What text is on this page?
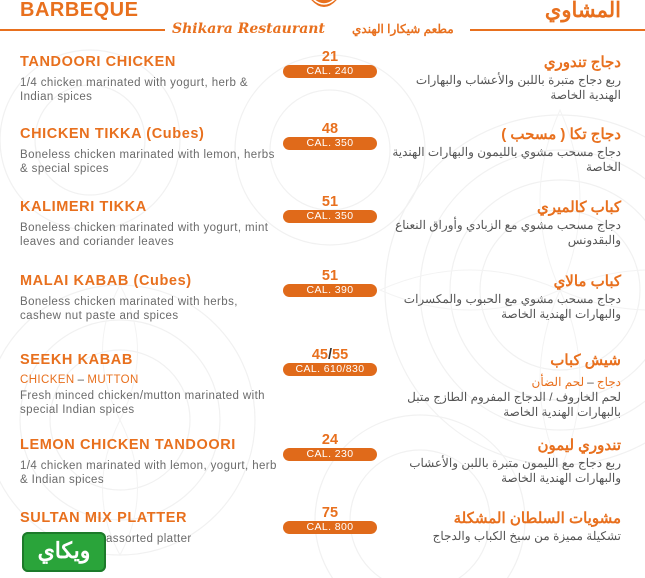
BARBEQUE
Shikara Restaurant مطعم شيكارا الهندي
المشاوي
TANDOORI CHICKEN
1/4 chicken marinated with yogurt, herb & Indian spices
21
CAL. 240	دجاج تندوري
ربع دجاج متبرة باللبن والأعشاب والبهارات الهندية الخاصة
CHICKEN TIKKA (Cubes)
Boneless chicken marinated with lemon, herbs & special spices
48
CAL. 350	دجاج تكا ( مسحب )
دجاج مسحب مشوي بالليمون والبهارات الهندية الخاصة
KALIMERI TIKKA
Boneless chicken marinated with yogurt, mint leaves and coriander leaves
51
CAL. 350	كباب كالميري
دجاج مسحب مشوي مع الزبادي وأوراق النعناع والبقدونس
MALAI KABAB (Cubes)
Boneless chicken marinated with herbs, cashew nut paste and spices
51
CAL. 390	كباب مالاي
دجاج مسحب مشوي مع الحبوب والمكسرات والبهارات الهندية الخاصة
SEEKH KABAB
CHICKEN – MUTTON
Fresh minced chicken/mutton marinated with special Indian spices
45/55
CAL. 610/830	شيش كباب
دجاج–لحم الضأن
لحم الخاروف / الدجاج المفروم الطازج متبل بالبهارات الهندية الخاصة
LEMON CHICKEN TANDOORI
1/4 chicken marinated with lemon, yogurt, herb & Indian spices
24
CAL. 230	تندوري ليمون
ربع دجاج مع الليمون متبرة باللبن والأعشاب والبهارات الهندية الخاصة
SULTAN MIX PLATTER
assorted platter
75
CAL. 800	مشويات السلطان المشكلة
تشكيلة مميزة من سيخ الكباب والدجاج
ويكاي
